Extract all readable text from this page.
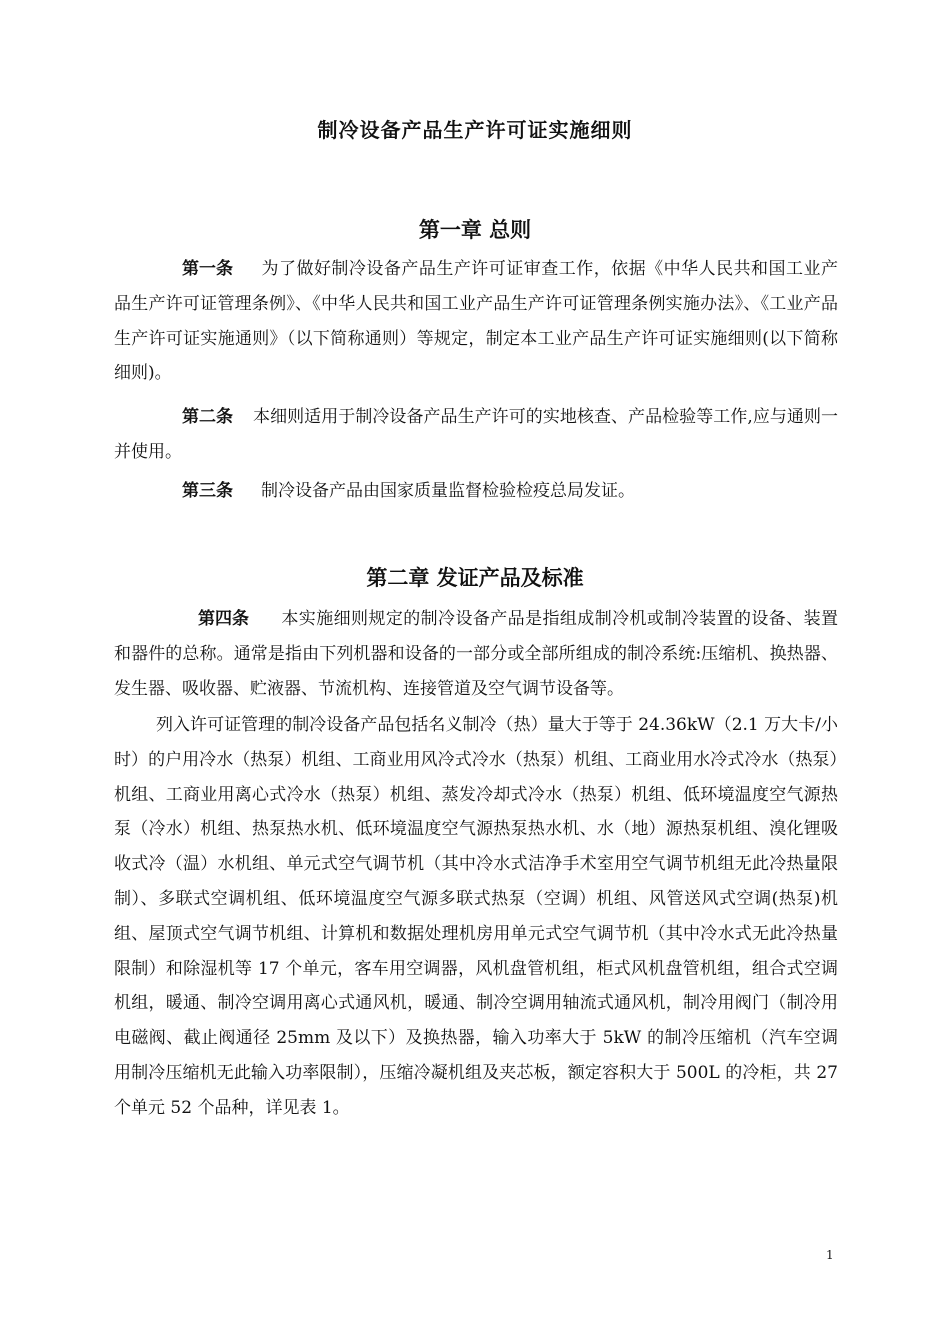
制冷设备产品生产许可证实施细则
第一章 总则

第一条 为了做好制冷设备产品生产许可证审查工作，依据《中华人民共和国工业产品生产许可证管理条例》、《中华人民共和国工业产品生产许可证管理条例实施办法》、《工业产品生产许可证实施通则》（以下简称通则）等规定，制定本工业产品生产许可证实施细则(以下简称细则)。

第二条 本细则适用于制冷设备产品生产许可的实地核查、产品检验等工作,应与通则一并使用。

第三条 制冷设备产品由国家质量监督检验检疫总局发证。

第二章 发证产品及标准

第四条 本实施细则规定的制冷设备产品是指组成制冷机或制冷装置的设备、装置和器件的总称。通常是指由下列机器和设备的一部分或全部所组成的制冷系统:压缩机、换热器、发生器、吸收器、贮液器、节流机构、连接管道及空气调节设备等。

列入许可证管理的制冷设备产品包括名义制冷（热）量大于等于 24.36kW（2.1 万大卡/小时）的户用冷水（热泵）机组、工商业用风冷式冷水（热泵）机组、工商业用水冷式冷水（热泵）机组、工商业用离心式冷水（热泵）机组、蒸发冷却式冷水（热泵）机组、低环境温度空气源热泵（冷水）机组、热泵热水机、低环境温度空气源热泵热水机、水（地）源热泵机组、溴化锂吸收式冷（温）水机组、单元式空气调节机（其中冷水式洁净手术室用空气调节机组无此冷热量限制）、多联式空调机组、低环境温度空气源多联式热泵（空调）机组、风管送风式空调(热泵)机组、屋顶式空气调节机组、计算机和数据处理机房用单元式空气调节机（其中冷水式无此冷热量限制）和除湿机等 17 个单元，客车用空调器，风机盘管机组，柜式风机盘管机组，组合式空调机组，暖通、制冷空调用离心式通风机，暖通、制冷空调用轴流式通风机，制冷用阀门（制冷用电磁阀、截止阀通径 25mm 及以下）及换热器，输入功率大于 5kW 的制冷压缩机（汽车空调用制冷压缩机无此输入功率限制），压缩冷凝机组及夹芯板，额定容积大于 500L 的冷柜，共 27 个单元 52 个品种，详见表 1。

1
